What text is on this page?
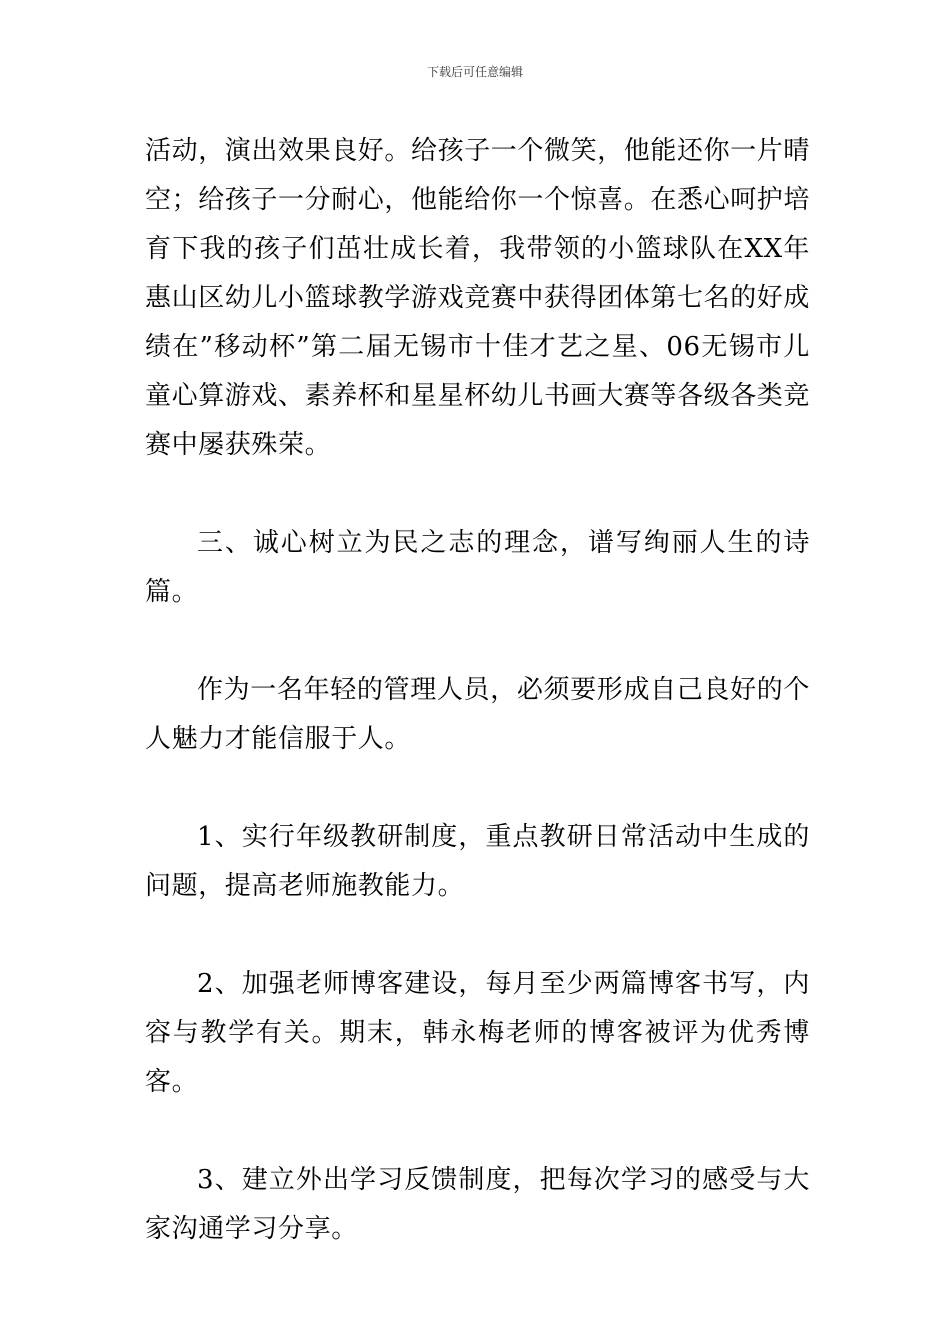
下载后可任意编辑

活动，演出效果良好。给孩子一个微笑，他能还你一片晴空；给孩子一分耐心，他能给你一个惊喜。在悉心呵护培育下我的孩子们茁壮成长着，我带领的小篮球队在XX年惠山区幼儿小篮球教学游戏竞赛中获得团体第七名的好成绩在”移动杯”第二届无锡市十佳才艺之星、06无锡市儿童心算游戏、素养杯和星星杯幼儿书画大赛等各级各类竞赛中屡获殊荣。

三、诚心树立为民之志的理念，谱写绚丽人生的诗篇。

作为一名年轻的管理人员，必须要形成自己良好的个人魅力才能信服于人。

1、实行年级教研制度，重点教研日常活动中生成的问题，提高老师施教能力。

2、加强老师博客建设，每月至少两篇博客书写，内容与教学有关。期末，韩永梅老师的博客被评为优秀博客。

3、建立外出学习反馈制度，把每次学习的感受与大家沟通学习分享。
